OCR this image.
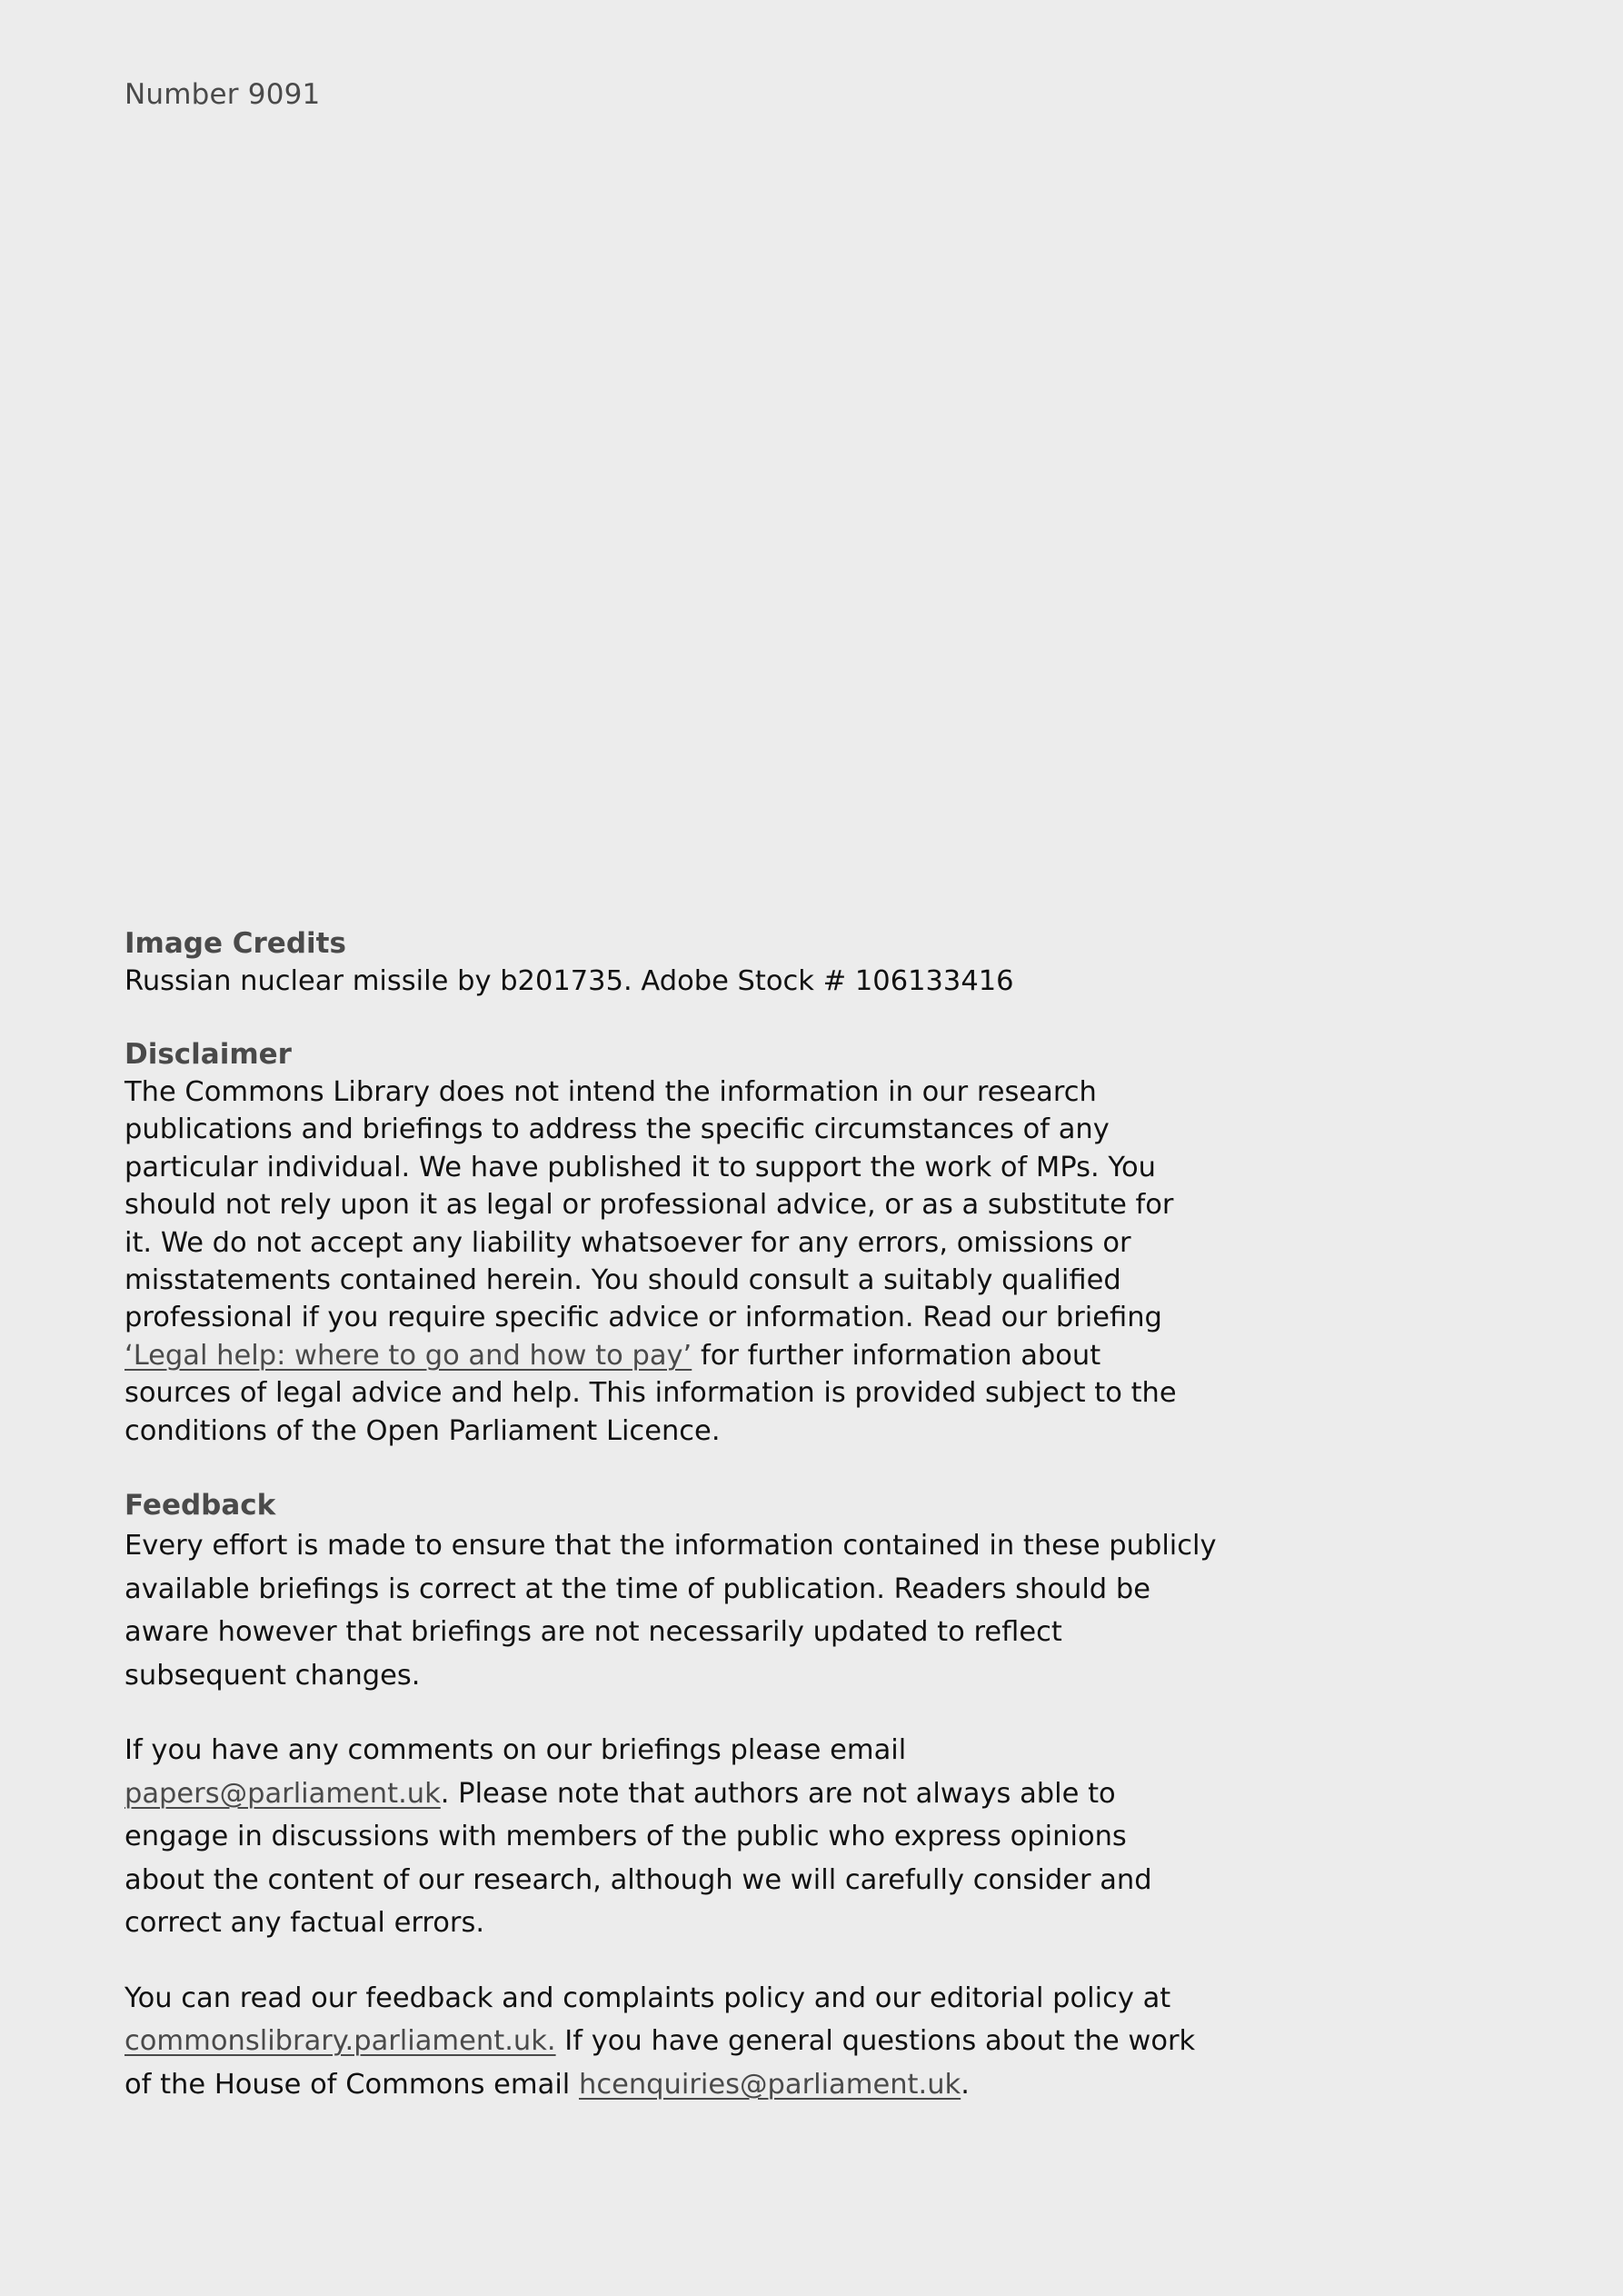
Number 9091
Image Credits

Russian nuclear missile by b201735. Adobe Stock # 106133416

Disclaimer

The Commons Library does not intend the information in our research

publications and briefings to address the specific circumstances of any

particular individual. We have published it to support the work of MPs. You

should not rely upon it as legal or professional advice, or as a substitute for

it. We do not accept any liability whatsoever for any errors, omissions or

misstatements contained herein. You should consult a suitably qualified

professional if you require specific advice or information. Read our briefing

‘Legal help: where to go and how to pay’ for further information about

sources of legal advice and help. This information is provided subject to the

conditions of the Open Parliament Licence.

Feedback

Every effort is made to ensure that the information contained in these publicly

available briefings is correct at the time of publication. Readers should be

aware however that briefings are not necessarily updated to reflect

subsequent changes.

If you have any comments on our briefings please email

papers@parliament.uk. Please note that authors are not always able to

engage in discussions with members of the public who express opinions

about the content of our research, although we will carefully consider and

correct any factual errors.

You can read our feedback and complaints policy and our editorial policy at

commonslibrary.parliament.uk. If you have general questions about the work

of the House of Commons email hcenquiries@parliament.uk.
